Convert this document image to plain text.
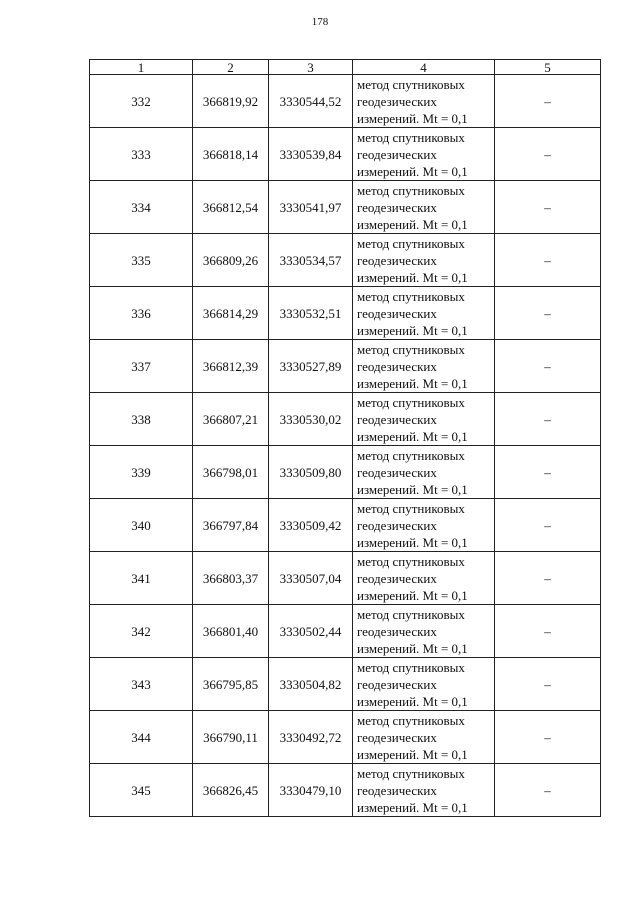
178
1	2	3	4	5
332	366819,92	3330544,52	метод спутниковых
геодезических
измерений. Mt = 0,1	–
333	366818,14	3330539,84	метод спутниковых
геодезических
измерений. Mt = 0,1	–
334	366812,54	3330541,97	метод спутниковых
геодезических
измерений. Mt = 0,1	–
335	366809,26	3330534,57	метод спутниковых
геодезических
измерений. Mt = 0,1	–
336	366814,29	3330532,51	метод спутниковых
геодезических
измерений. Mt = 0,1	–
337	366812,39	3330527,89	метод спутниковых
геодезических
измерений. Mt = 0,1	–
338	366807,21	3330530,02	метод спутниковых
геодезических
измерений. Mt = 0,1	–
339	366798,01	3330509,80	метод спутниковых
геодезических
измерений. Mt = 0,1	–
340	366797,84	3330509,42	метод спутниковых
геодезических
измерений. Mt = 0,1	–
341	366803,37	3330507,04	метод спутниковых
геодезических
измерений. Mt = 0,1	–
342	366801,40	3330502,44	метод спутниковых
геодезических
измерений. Mt = 0,1	–
343	366795,85	3330504,82	метод спутниковых
геодезических
измерений. Mt = 0,1	–
344	366790,11	3330492,72	метод спутниковых
геодезических
измерений. Mt = 0,1	–
345	366826,45	3330479,10	метод спутниковых
геодезических
измерений. Mt = 0,1	–
